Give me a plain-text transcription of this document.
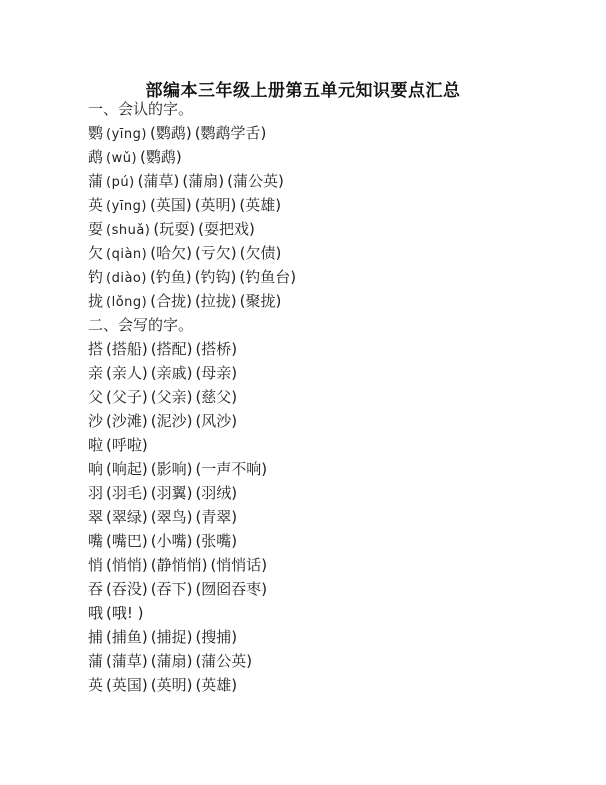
部编本三年级上册第五单元知识要点汇总
一、会认的字。
鹦 (yīng) (鹦鹉) (鹦鹉学舌)
鹉 (wǔ) (鹦鹉)
蒲 (pú) (蒲草) (蒲扇) (蒲公英)
英 (yīng) (英国) (英明) (英雄)
耍 (shuǎ) (玩耍) (耍把戏)
欠 (qiàn) (哈欠) (亏欠) (欠债)
钓 (diào) (钓鱼) (钓钩) (钓鱼台)
拢 (lǒng) (合拢) (拉拢) (聚拢)
二、会写的字。
搭 (搭船) (搭配) (搭桥)
亲 (亲人) (亲戚) (母亲)
父 (父子) (父亲) (慈父)
沙 (沙滩) (泥沙) (风沙)
啦 (呼啦)
响 (响起) (影响) (一声不响)
羽 (羽毛) (羽翼) (羽绒)
翠 (翠绿) (翠鸟) (青翠)
嘴 (嘴巴) (小嘴) (张嘴)
悄 (悄悄) (静悄悄) (悄悄话)
吞 (吞没) (吞下) (囫囵吞枣)
哦 (哦! )
捕 (捕鱼) (捕捉) (搜捕)
蒲 (蒲草) (蒲扇) (蒲公英)
英 (英国) (英明) (英雄)
